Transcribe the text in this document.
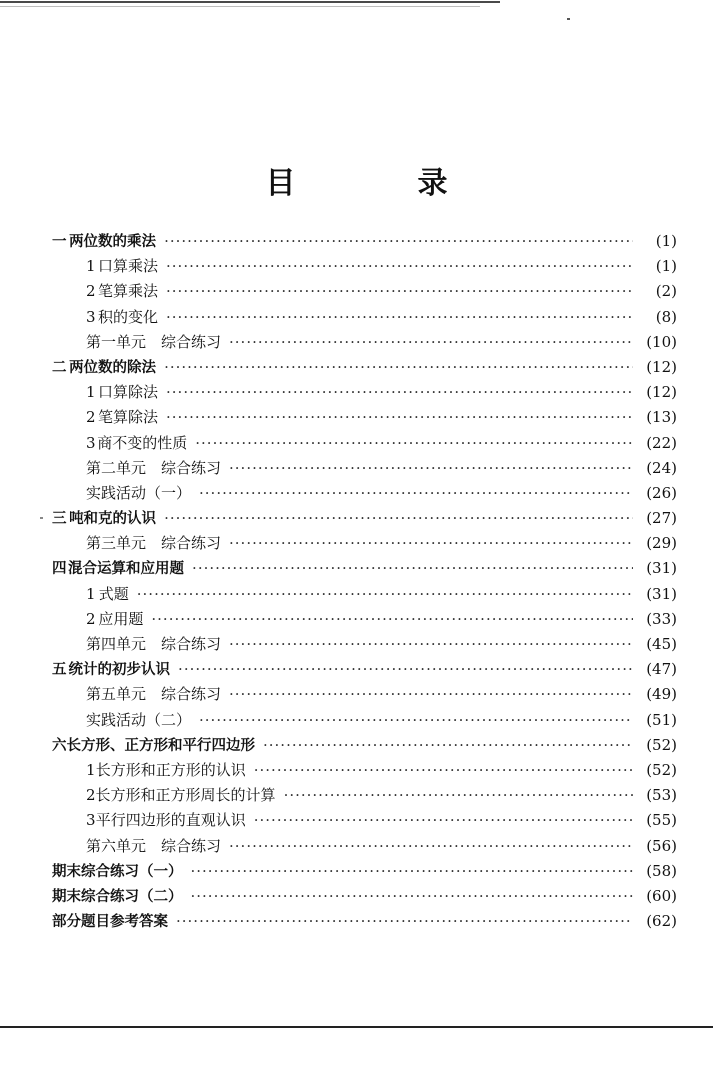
目　录
一 两位数的乘法 ·····	(1)
1 口算乘法 ·····	(1)
2 笔算乘法 ·····	(2)
3 积的变化 ·····	(8)
第一单元　综合练习 ·····	(10)
二 两位数的除法 ·····	(12)
1 口算除法 ·····	(12)
2 笔算除法 ·····	(13)
3 商不变的性质 ·····	(22)
第二单元　综合练习 ·····	(24)
实践活动（一） ·····	(26)
三 吨和克的认识 ·····	(27)
第三单元　综合练习 ·····	(29)
四 混合运算和应用题 ·····	(31)
1 式题 ·····	(31)
2 应用题 ·····	(33)
第四单元　综合练习 ·····	(45)
五 统计的初步认识 ·····	(47)
第五单元　综合练习 ·····	(49)
实践活动（二） ·····	(51)
六 长方形、正方形和平行四边形 ·····	(52)
1 长方形和正方形的认识 ·····	(52)
2 长方形和正方形周长的计算 ·····	(53)
3 平行四边形的直观认识 ·····	(55)
第六单元　综合练习 ·····	(56)
期末综合练习（一） ·····	(58)
期末综合练习（二） ·····	(60)
部分题目参考答案 ·····	(62)
